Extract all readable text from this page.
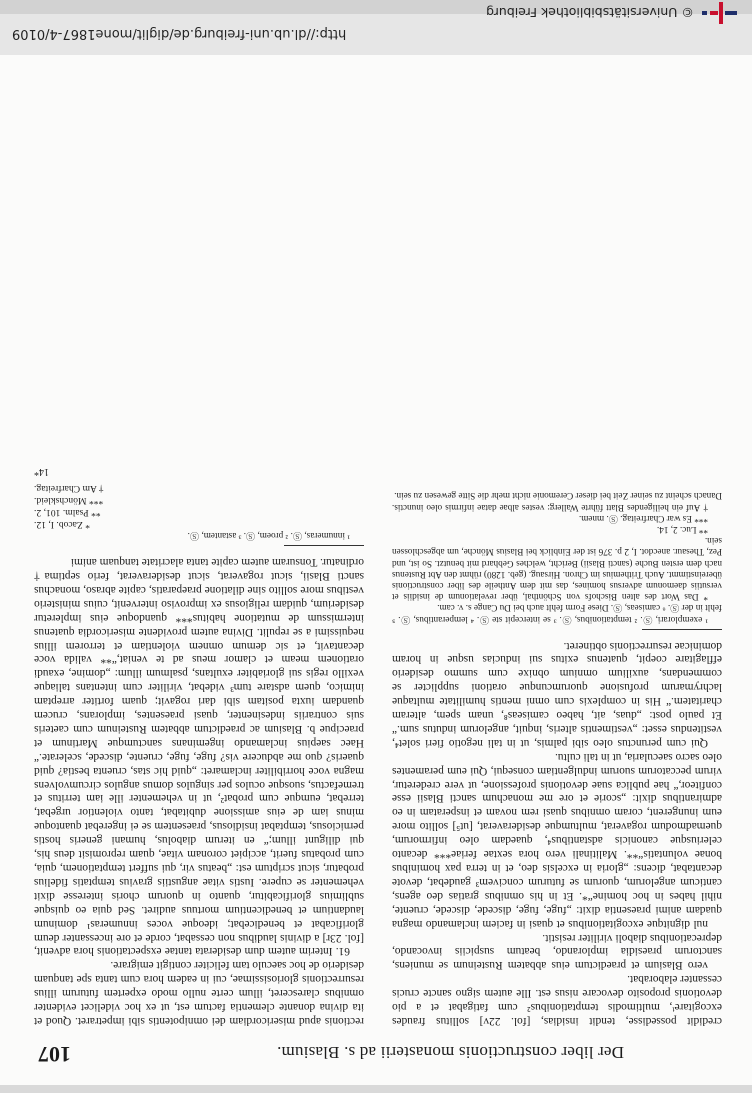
http://dl.ub.uni-freiburg.de/diglit/mone1867-4/0109
© Universitätsbibliothek Freiburg
Der liber constructionis monasterii ad s. Blasium.
107

credidit possedisse, tendit insidias, [fol. 22v] sollitus fraudes excogitareⁱ, multimodis temptationibus² cum fatigabat et a pio devotionis proposito devocare nisus est. Ille autem signo sancte crucis cessanter elaborabat.

vero Blasium et praedictum eius abbatem Rusteinum se muniens, sanctorum praesidia implorando, beatum suspiciis invocando, deprecationibus diaboli viriliter resistit.

nul dignitque excogitationibus et quasi in faciem inclamando magna quadam animi praesentia dixit: „fuge, fuge, discede, discede, cruente, nihil habes in hoc homine“*. Et in his omnibus gratias deo agens, canticum angelorum, quorum se futurum concivem³ gaudebat, devote decantabat, dicens: „gloria in excelsis deo, et in terra pax hominibus bonae voluntatis“**. Malitinali vero hora sextae feriae*** decanto celeriusque canonicis adstantibus⁴, quaedam oleo infirmorum, quemadmodum rogaverat, multumque desideraverat, [ut⁵] sollito more eum inungerent, coram omnibus quasi rem novam et insperatam in eo admirantibus dixit: „scorie et ore me monachum sancti Blasii esse confiteor,“ hae publica suae devotionis professione, ut vere crederetur, virum peccatorum suorum indulgentiam consequi, Qui eum peramentes oleo sacro saecularia, ut in tali cultu.

Qui cum perunctus oleo sibi palmis, ut in tali negotio fieri solet⁴, vestitendus esset: „vestimentis alteris, inquit, angelorum indutus sum.“ Et paulo post: „duas, ait, habeo camiseas⁸, unam spem, alteram charitatem.“ His in complexis cum omni mentis humilitate multaque lachrymarum profusione quorumcunque orationi supplicter se commendans, auxilium omnium obnixe cum summo desiderio efflagitare coepit, quatenus exitus sui inducias usque in horam dominicae resurrectionis obtineret.

¹ exemplorari, Ⓢ. ² temptationibus, Ⓢ. ³ se intercepit ste Ⓢ. ⁴ lemperantibus, Ⓢ. ⁵ fehlt in der Ⓢ. ⁶ camiseas, Ⓢ. Diese Form fehlt auch bei Du Cange s. v. cam.

* Das Wort des alten Bischofs von Schönthal, über revelationum de insidiis et versutiis daemonum adversus homines, das mit dem Antheile des liber constructionis übereinstimmt. Auch Trithemius im Chron. Hirsaug. (geb. 1280) rühmt den Abt Rustenus nach dem ersten Buche (sancti Blasii) Bericht, welches Gebhard mit benutzt. So ist, und Pez, Thesaur. anecdot. I, 2 p. 376 ist der Einblick bei Blasius Mönche, um abgeschlossen sein.

** Luc. 2, 14.

*** Es war Charfreitag. Ⓢ. mnem.

† Auf ein heiligendes Blatt führte Wallerg: vestes albae datae infirmis oleo inunctis. Danach scheint zu seiner Zeit bei dieser Ceremonie nicht mehr die Sitte gewesen zu sein.

rectionis apud misericordiam dei omnipotentis sibi impetraret. Quod et ita divina donante clementia factum est, ut ex hoc videlicet evidenter omnibus claresceret, illum certe nullo modo expertem futurum illius resurrectionis gloriosissimae, cui in eadem hora cum tanta spe tanquam desiderio de hoc saeculo tam feliciter contigit emigrare.

61. Interim autem dum desiderata tantae exspectationis hora advenit, [fol. 23r] a divinis laudibus non cessabat, corde et ore incessanter deum glorificabat et benedicebat; ideoque voces innumeras¹ dominum laudantium et benedicentium mortuus audiret. Sed quia eo quisque sublimius glorificabitur, quanto in quorum choris interesse dixit vehementer se cupere. Iustis vitae angustiis gravius temptatis fidelius probatur, sicut scriptum est: „beatus vir, qui suffert temptationem, quia, cum probatus fuerit, accipiet coronam vitae, quam repromisit deus his, qui diligunt illum;“ en iterum diabolus, humani generis hostis perniciosus, temptabat insidiosus, praesentem se ei ingerebat quantoque minus iam de eius amissione dubitabat, tanto violentior urgebat, terrebat, eumque cum probat², ut in vehementer ille iam territus et tremefactus, suosque oculos per singulos domus angulos circumvolvens magna voce horribiliter inclamaret: „quid hic stas, cruenta bestia? quid quaeris? quo me abducere vis? fuge, fuge, cruente, discede, scelerate.“ Haec saepius inclamando ingeminans sanctumque Martinum et praecipue b. Blasium ac praedictum abbatem Rusteinum cum caeteris suis contrariis indesinenter, quasi praesentes, implorans, crucem quandam iuxta positam sibi dari rogavit; quam fortiter arreptam inimico, quem adstare tum³ videbat, viriliter cum intentans taliaque vexillo regis sui gloriabiter exultans, psalmum illum: „domine, exaudi orationem meam et clamor meus ad te veniat,“** valida voce decantavit, et sic demum omnem violentiam et terrorem illius nequissimi a se repulit. Divina autem providente misericordia quatenus intermissum de mutatione habitus*** quandoque eius impleretur desiderium, quidam religiosus ex improviso intervenit, cuius ministerio vestibus more sollito sine dilatione praeparatis, capite abraso, monachus sancti Blasii, sicut rogaverat, sicut desideraverat, ferio septima† ordinatur. Tonsuram autem capite tanta alacritate tanquam animi

¹ innumeras, Ⓢ. ² proem, Ⓢ. ³ astantem, Ⓢ.

* Zacob. I, 12.

** Psalm. 101, 2.

*** Mönchskleid.

† Am Charfreitag.

14*
